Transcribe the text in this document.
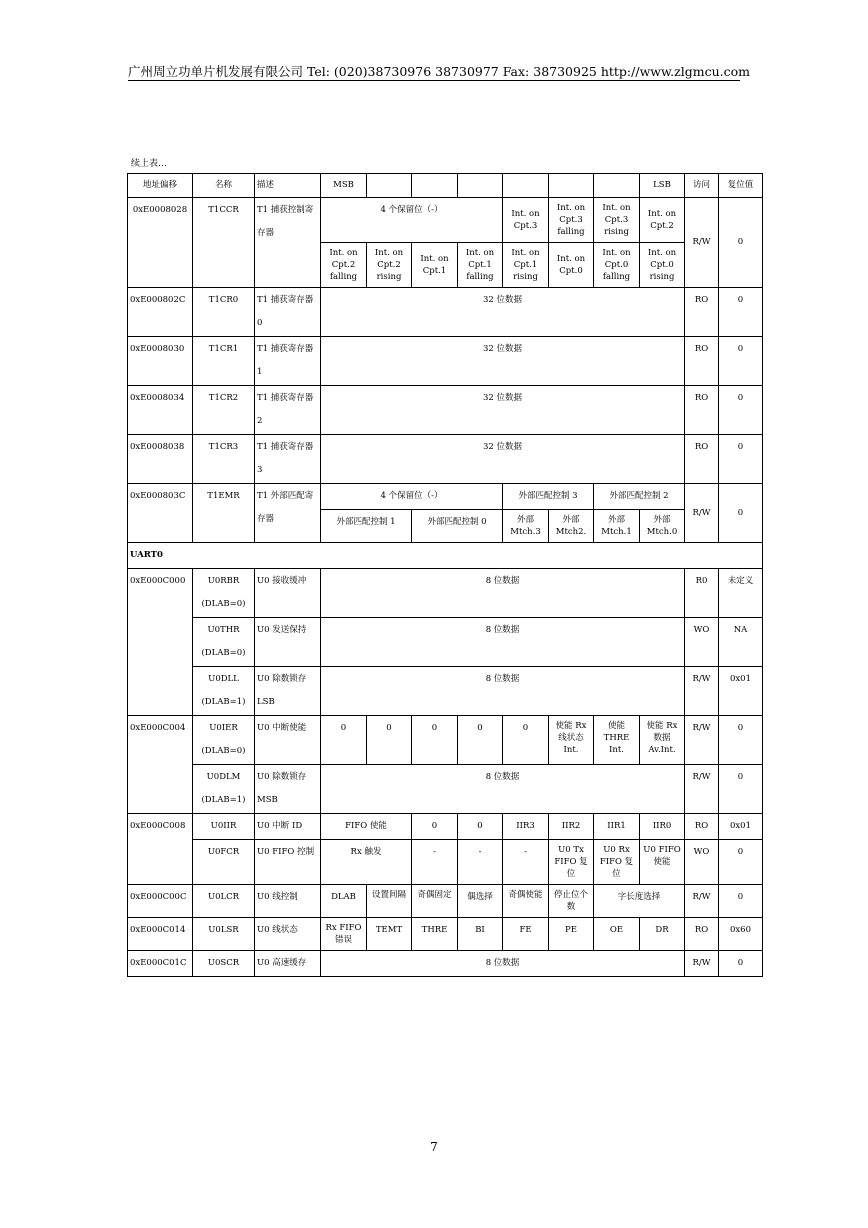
广州周立功单片机发展有限公司 Tel: (020)38730976 38730977 Fax: 38730925 http://www.zlgmcu.com
续上表…
地址偏移	名称	描述	MSB							LSB	访问	复位值
0xE0008028	T1CCR	T1 捕获控制寄存器	4 个保留位（-）				Int. on Cpt.3	Int. on Cpt.3 falling	Int. on Cpt.3 rising	Int. on Cpt.2	R/W	0
			Int. on Cpt.2 falling	Int. on Cpt.2 rising	Int. on Cpt.1	Int. on Cpt.1 falling	Int. on Cpt.1 rising	Int. on Cpt.0	Int. on Cpt.0 falling	Int. on Cpt.0 rising		
0xE000802C	T1CR0	T1 捕获寄存器 0	32 位数据								RO	0
0xE0008030	T1CR1	T1 捕获寄存器 1	32 位数据								RO	0
0xE0008034	T1CR2	T1 捕获寄存器 2	32 位数据								RO	0
0xE0008038	T1CR3	T1 捕获寄存器 3	32 位数据								RO	0
0xE000803C	T1EMR	T1 外部匹配寄存器	4 个保留位（-）				外部匹配控制 3		外部匹配控制 2		R/W	0
			外部匹配控制 1		外部匹配控制 0		外部 Mtch.3	外部 Mtch2.	外部 Mtch.1	外部 Mtch.0		
UART0												
0xE000C000	U0RBR (DLAB=0)	U0 接收缓冲	8 位数据								R0	未定义
	U0THR (DLAB=0)	U0 发送保持	8 位数据								WO	NA
	U0DLL (DLAB=1)	U0 除数锁存 LSB	8 位数据								R/W	0x01
0xE000C004	U0IER (DLAB=0)	U0 中断使能	0	0	0	0	0	使能 Rx 线状态 Int.	使能 THRE Int.	使能 Rx 数据 Av.Int.	R/W	0
	U0DLM (DLAB=1)	U0 除数锁存 MSB	8 位数据								R/W	0
0xE000C008	U0IIR	U0 中断 ID	FIFO 使能		0	0	IIR3	IIR2	IIR1	IIR0	RO	0x01
	U0FCR	U0 FIFO 控制	Rx 触发		-	-	-	U0 Tx FIFO 复位	U0 Rx FIFO 复位	U0 FIFO 使能	WO	0
0xE000C00C	U0LCR	U0 线控制	DLAB	设置间隔	奇偶固定	偶选择	奇偶使能	停止位个数	字长度选择		R/W	0
0xE000C014	U0LSR	U0 线状态	Rx FIFO 错误	TEMT	THRE	BI	FE	PE	OE	DR	RO	0x60
0xE000C01C	U0SCR	U0 高速缓存	8 位数据								R/W	0
7
